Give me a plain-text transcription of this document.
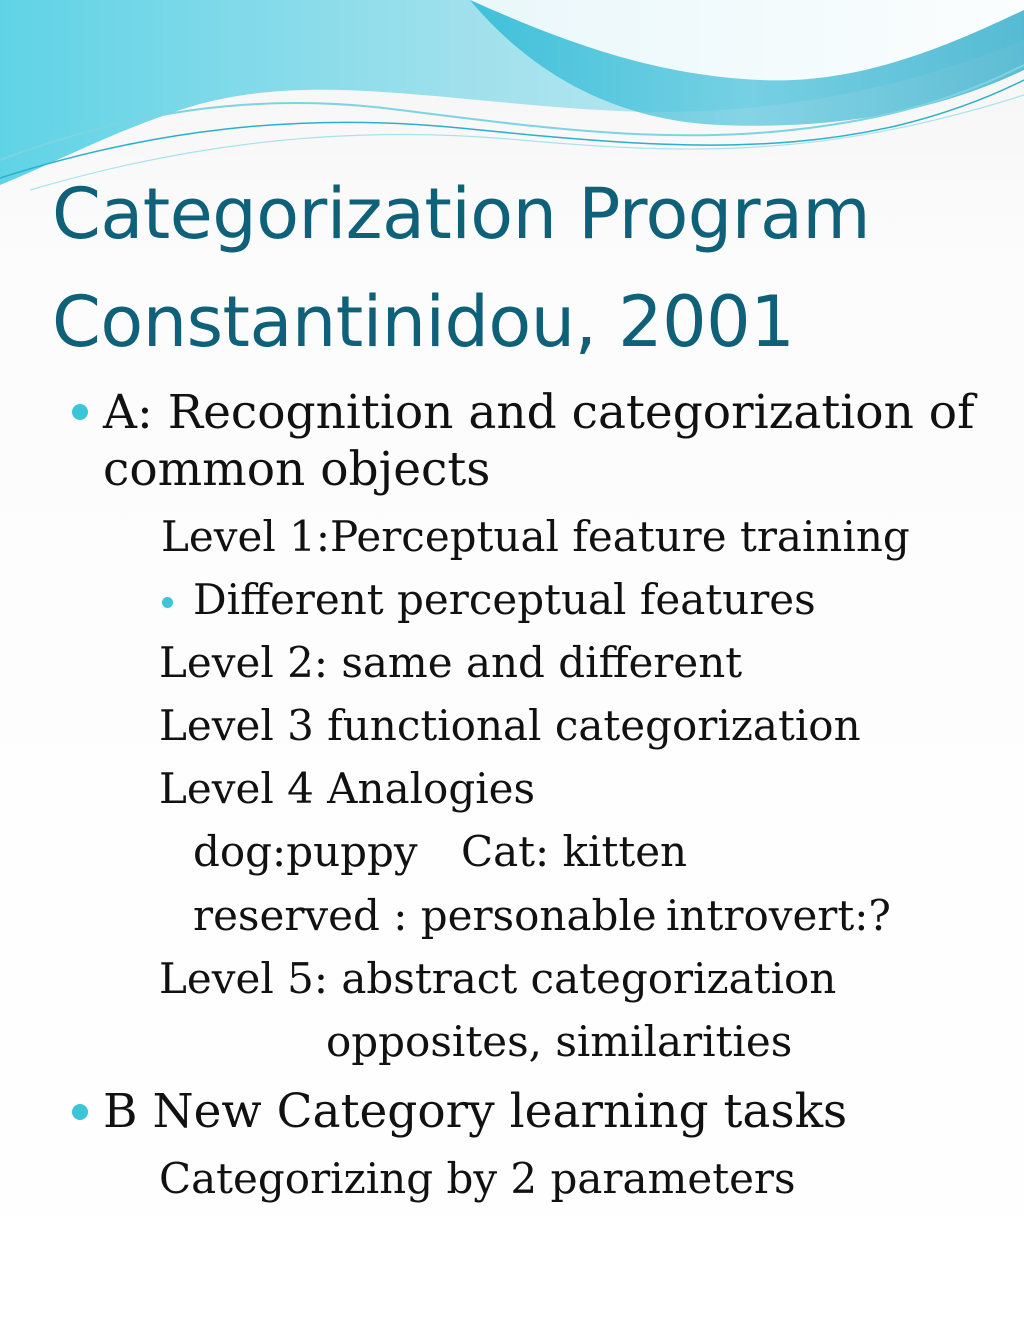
Categorization Program
Constantinidou, 2001
A: Recognition and categorization of
common objects
Level 1:Perceptual feature training
Different perceptual features
Level 2: same and different
Level 3 functional categorization
Level 4 Analogies
dog:puppy Cat: kitten
reserved : personable introvert:?
Level 5: abstract categorization
opposites, similarities
B New Category learning tasks
Categorizing by 2 parameters
